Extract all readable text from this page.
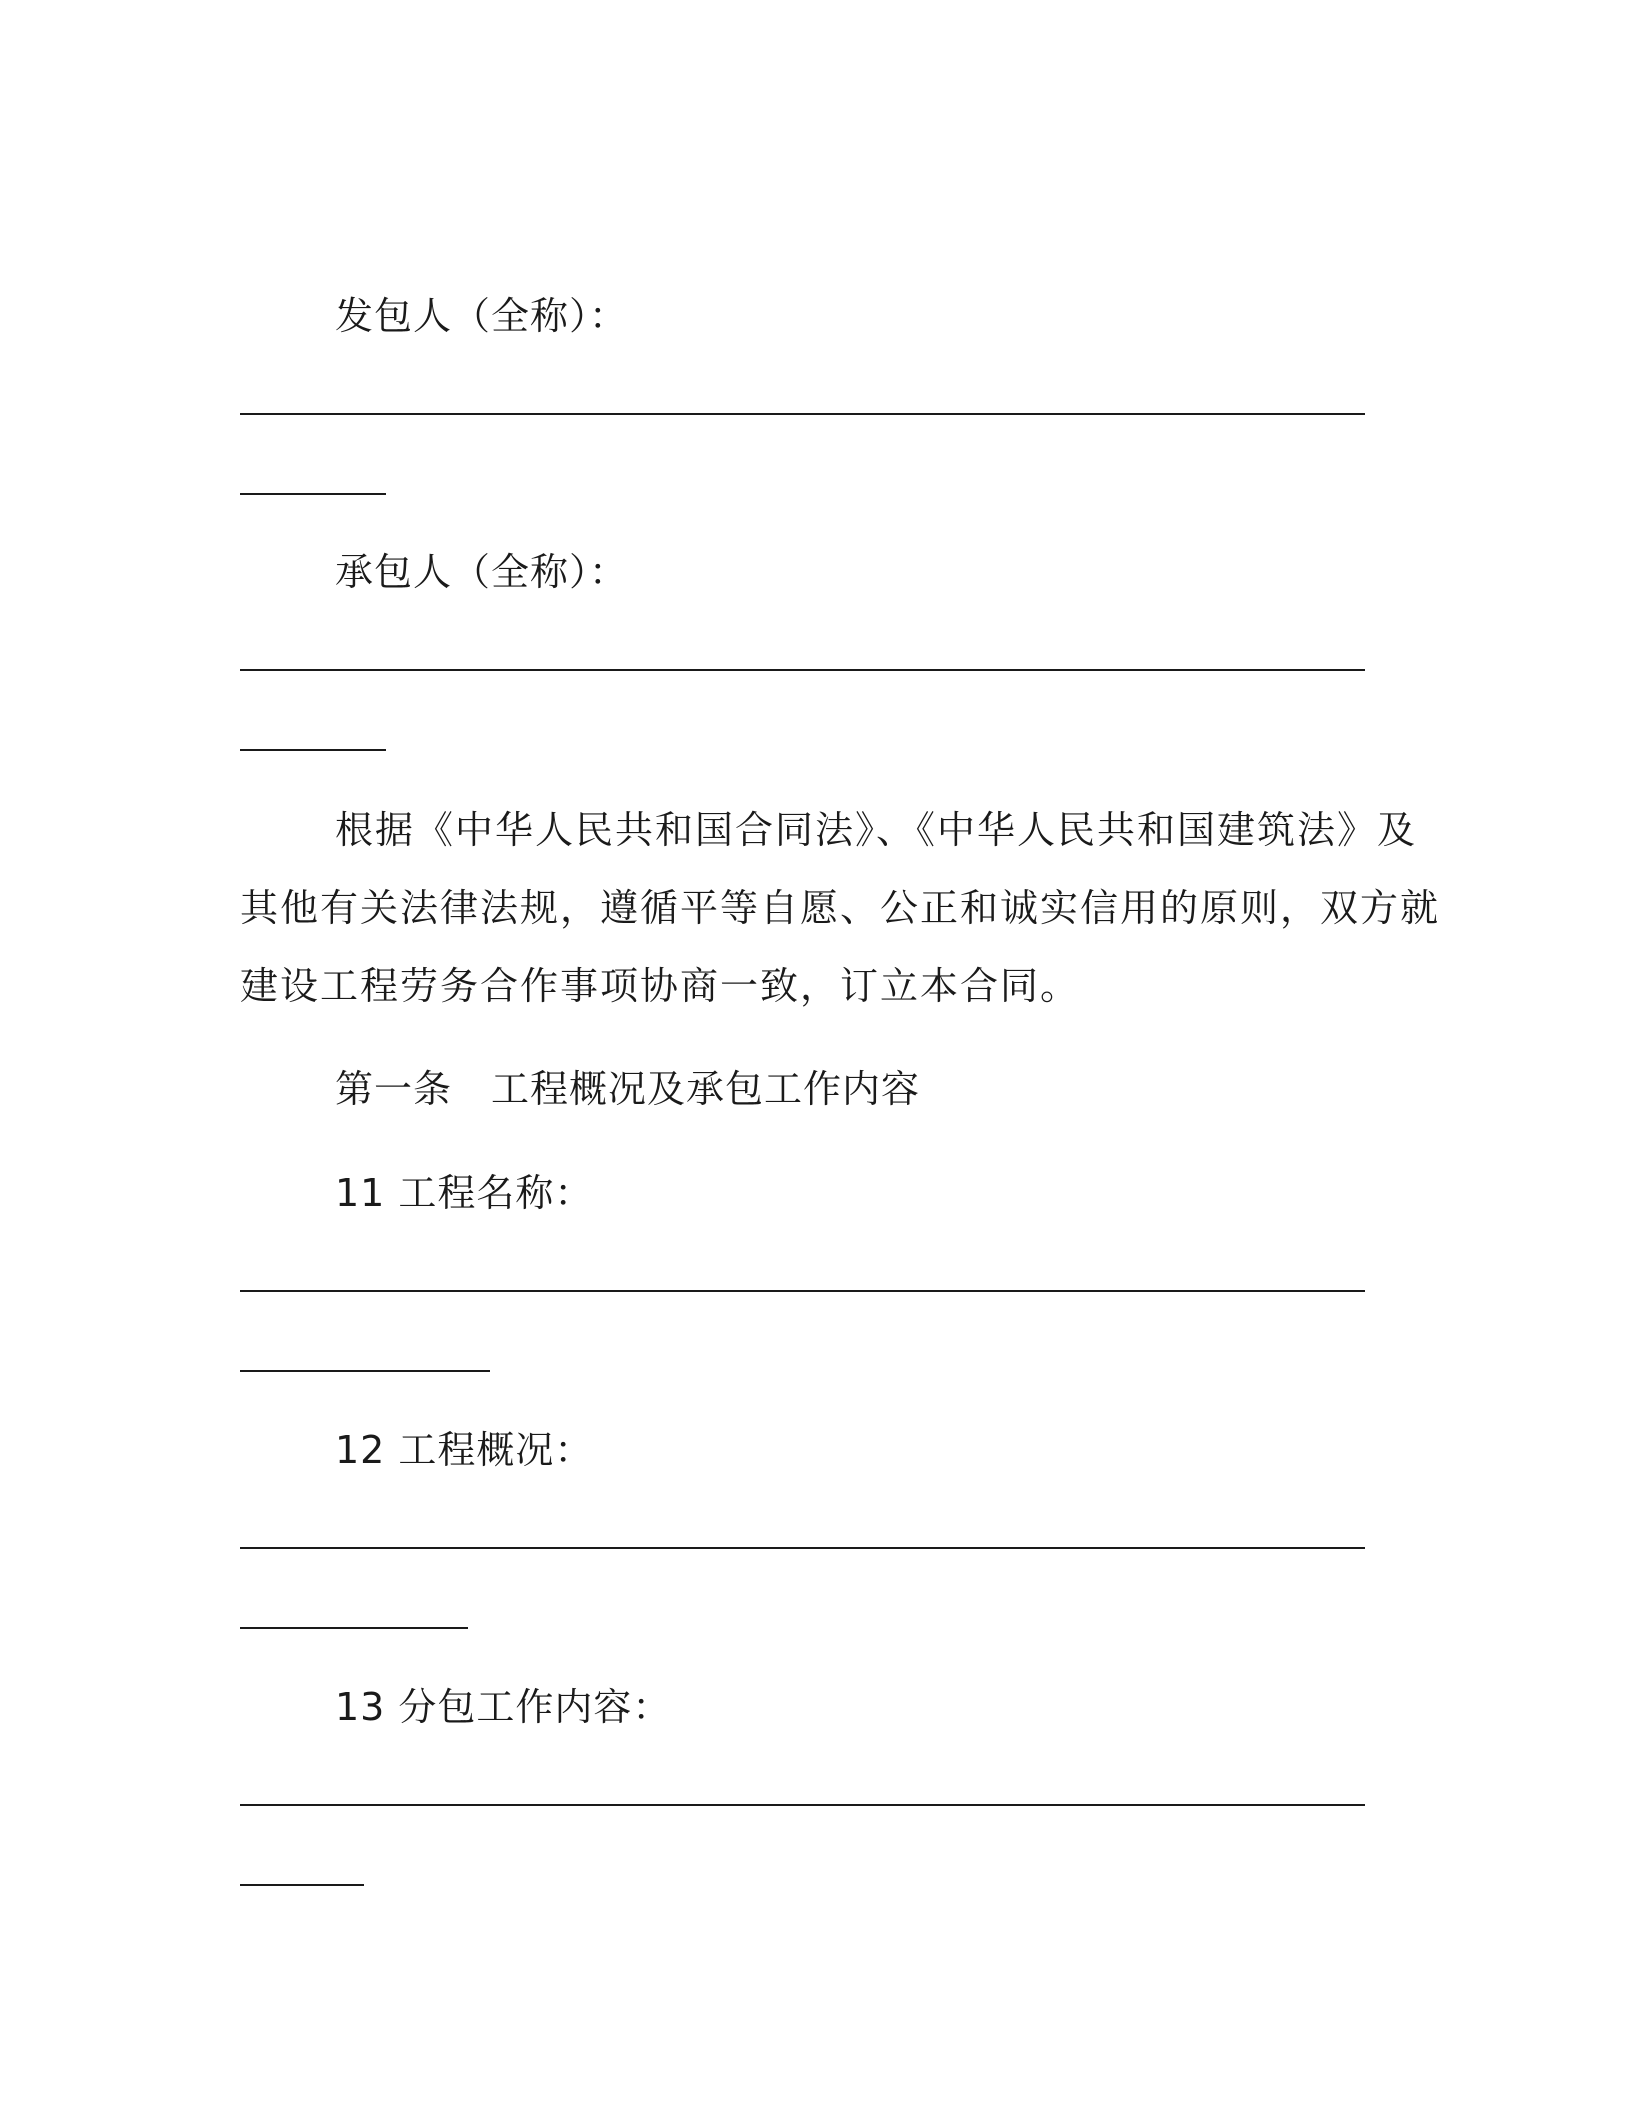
发包人（全称）：
承包人（全称）：
根据《中华人民共和国合同法》、《中华人民共和国建筑法》及
其他有关法律法规，遵循平等自愿、公正和诚实信用的原则，双方就
建设工程劳务合作事项协商一致，订立本合同。
第一条　工程概况及承包工作内容
11 工程名称：
12 工程概况：
13 分包工作内容：
